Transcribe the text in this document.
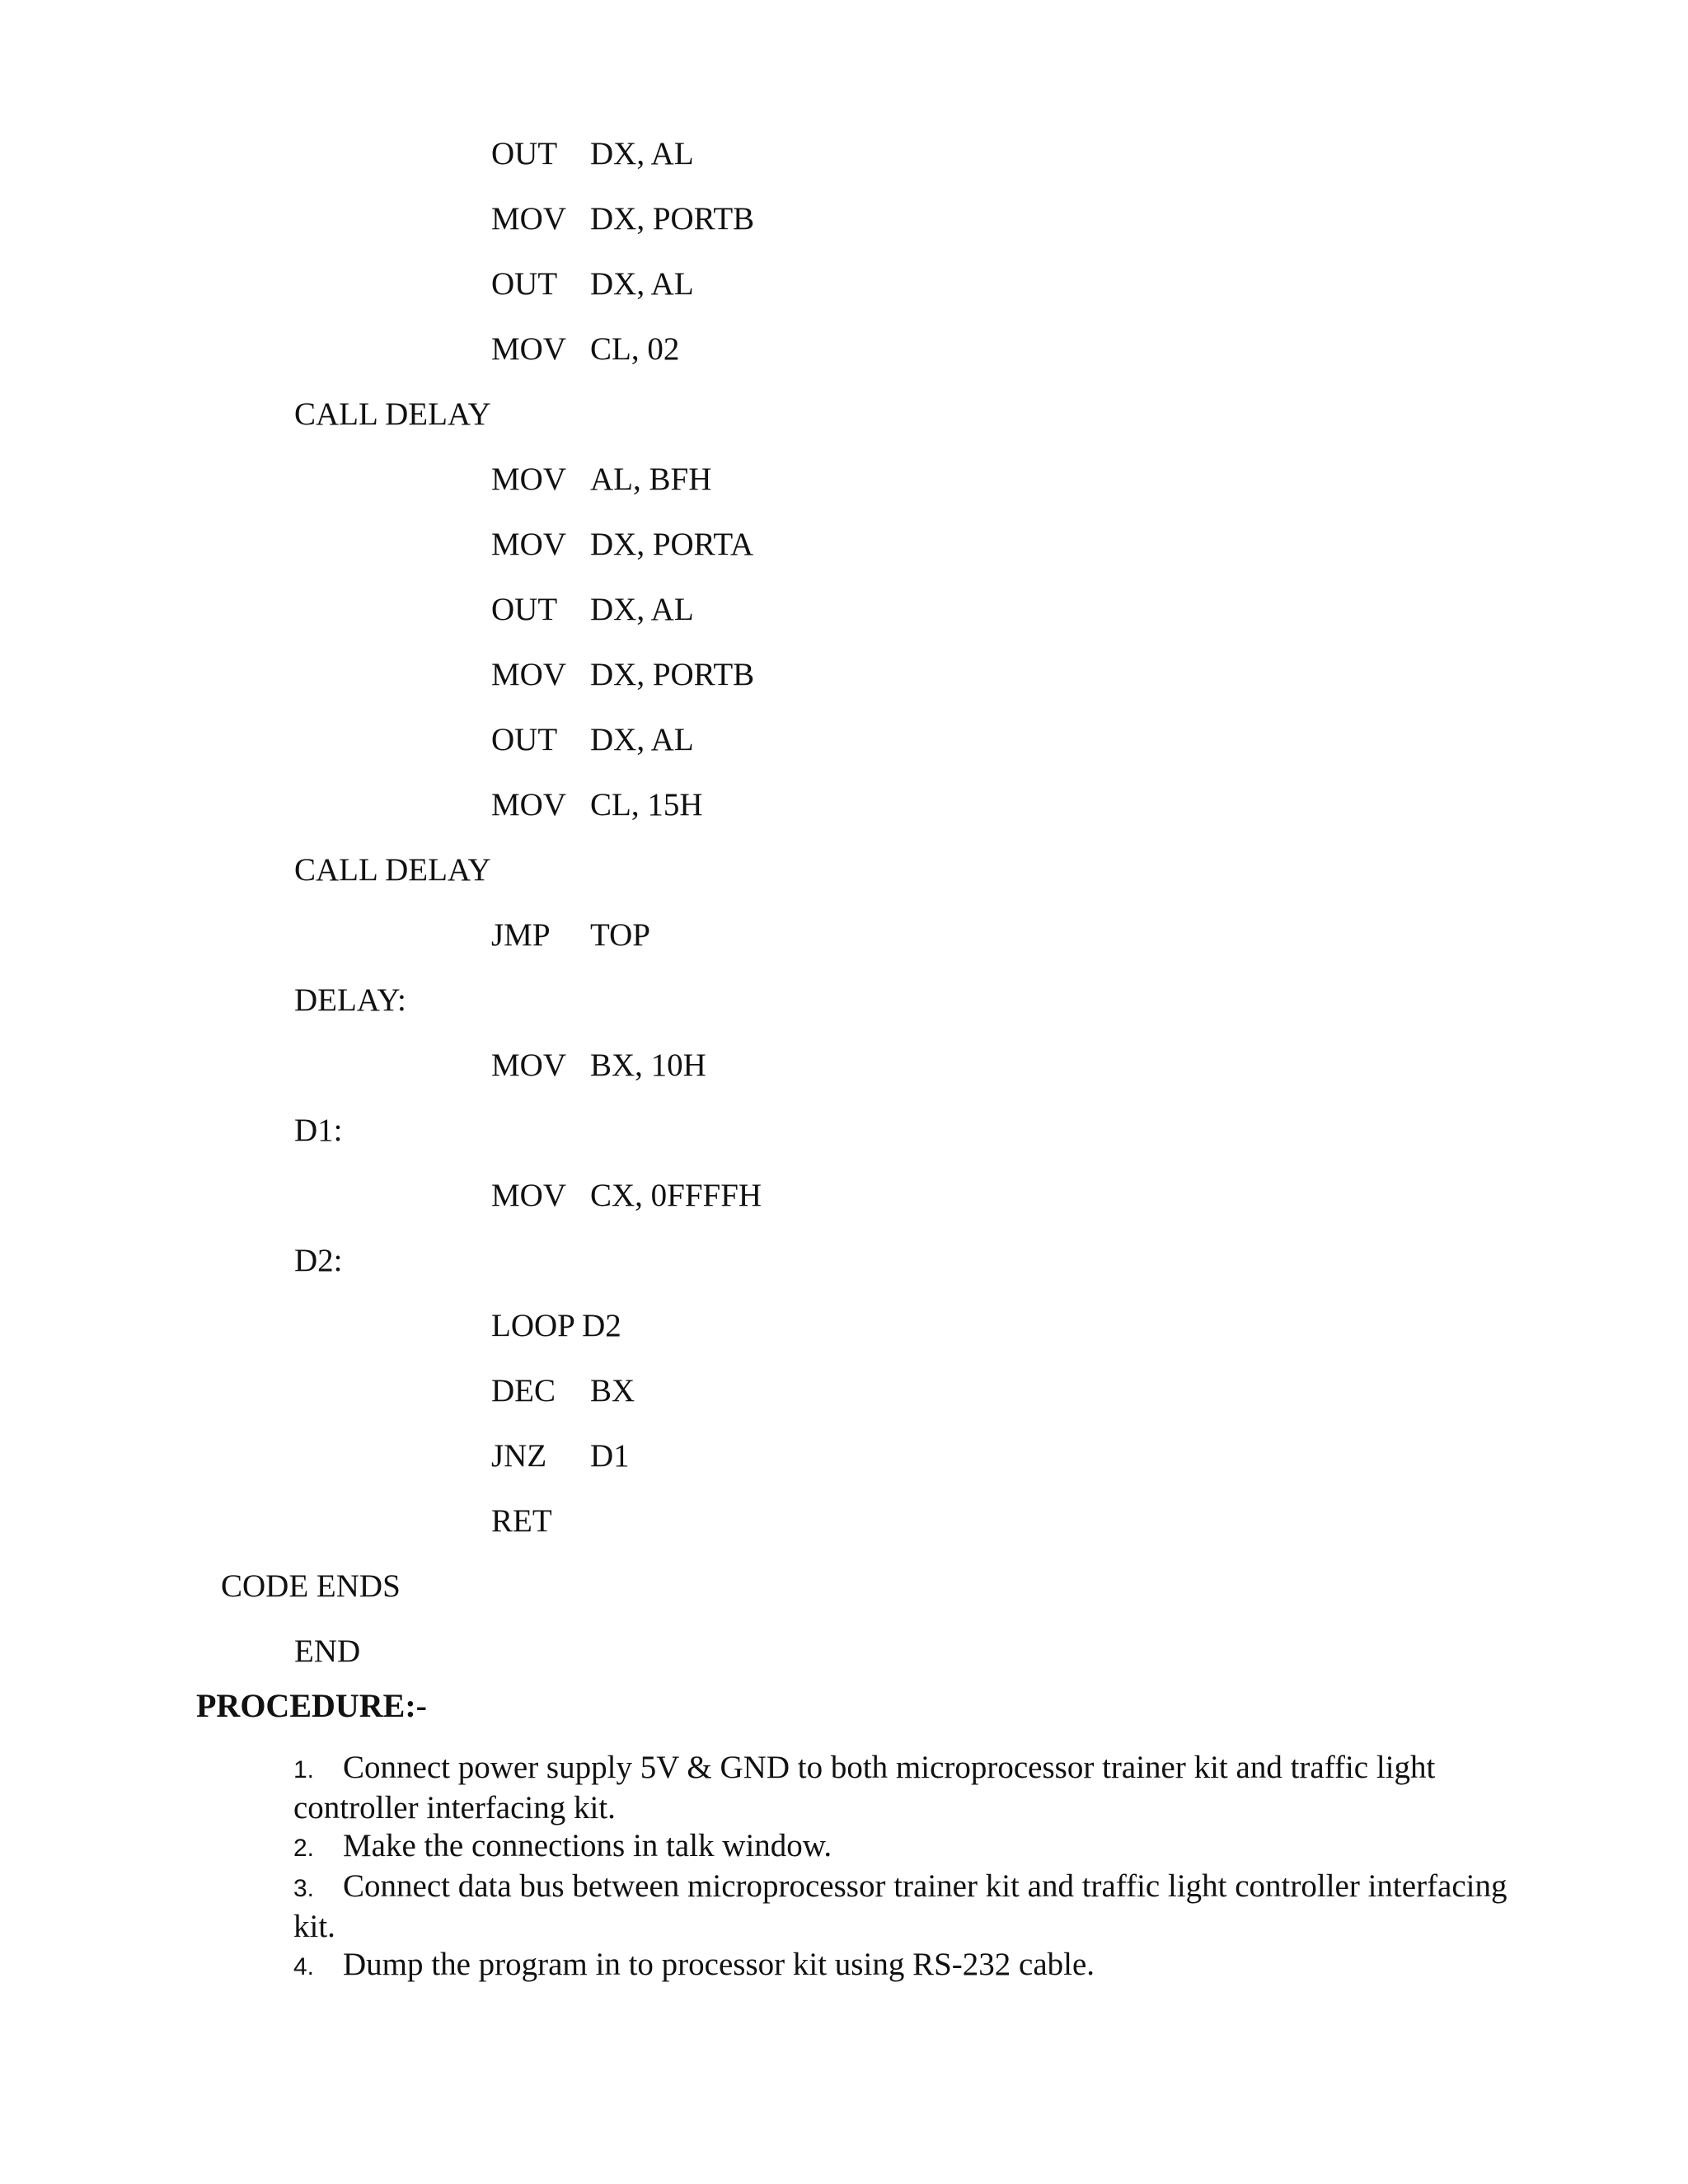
OUT DX, AL
MOV DX, PORTB
OUT DX, AL
MOV CL, 02
CALL DELAY
MOV AL, BFH
MOV DX, PORTA
OUT DX, AL
MOV DX, PORTB
OUT DX, AL
MOV CL, 15H
CALL DELAY
JMP TOP
DELAY:
MOV BX, 10H
D1:
MOV CX, 0FFFFH
D2:
LOOP D2
DEC BX
JNZ D1
RET
CODE ENDS
END
PROCEDURE:-
1. Connect power supply 5V & GND to both microprocessor trainer kit and traffic light controller interfacing kit.
2. Make the connections in talk window.
3. Connect data bus between microprocessor trainer kit and traffic light controller interfacing kit.
4. Dump the program in to processor kit using RS-232 cable.
